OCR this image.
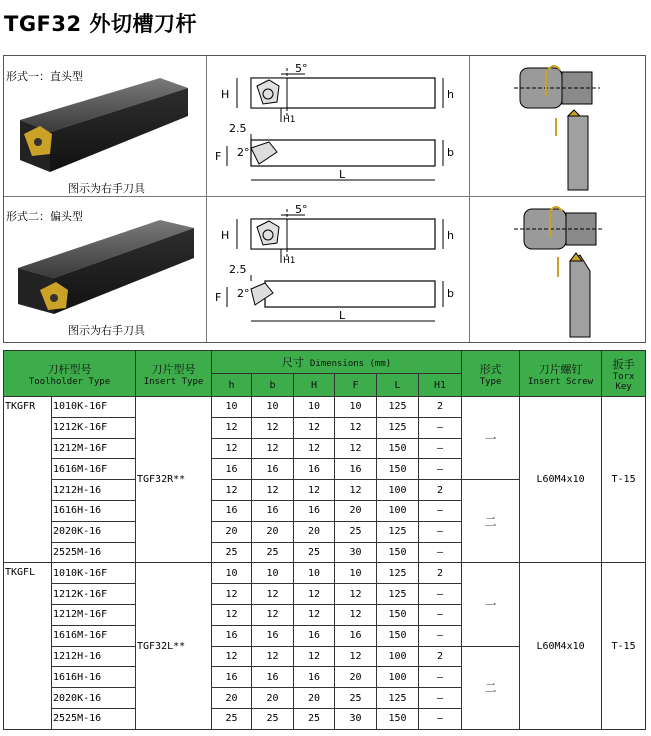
TGF32 外切槽刀杆
形式一：直头型
形式二：偏头型
图示为右手刀具
图示为右手刀具
5°
H
H1
h
2.5
2°
F	b
L
5°
H
H1
h
2.5
2°
F	b
L
刀杆型号
Toolholder Type		刀片型号
Insert Type	尺寸 Dimensions (mm)						形式
Type	刀片螺钉
Insert Screw	扳手
Torx Key

			h	b	H	F	L	H1			
TKGFR	1010K-16F	TGF32R**	10	10	10	10	125	2	一	L60M4x10	T-15
	1212K-16F		12	12	12	12	125	–			
	1212M-16F		12	12	12	12	150	–			
	1616M-16F		16	16	16	16	150	–			
	1212H-16		12	12	12	12	100	2	二		
	1616H-16		16	16	16	20	100	–			
	2020K-16		20	20	20	25	125	–			
	2525M-16		25	25	25	30	150	–			
TKGFL	1010K-16F	TGF32L**	10	10	10	10	125	2	一	L60M4x10	T-15
	1212K-16F		12	12	12	12	125	–			
	1212M-16F		12	12	12	12	150	–			
	1616M-16F		16	16	16	16	150	–			
	1212H-16		12	12	12	12	100	2	二		
	1616H-16		16	16	16	20	100	–			
	2020K-16		20	20	20	25	125	–			
	2525M-16		25	25	25	30	150	–			
